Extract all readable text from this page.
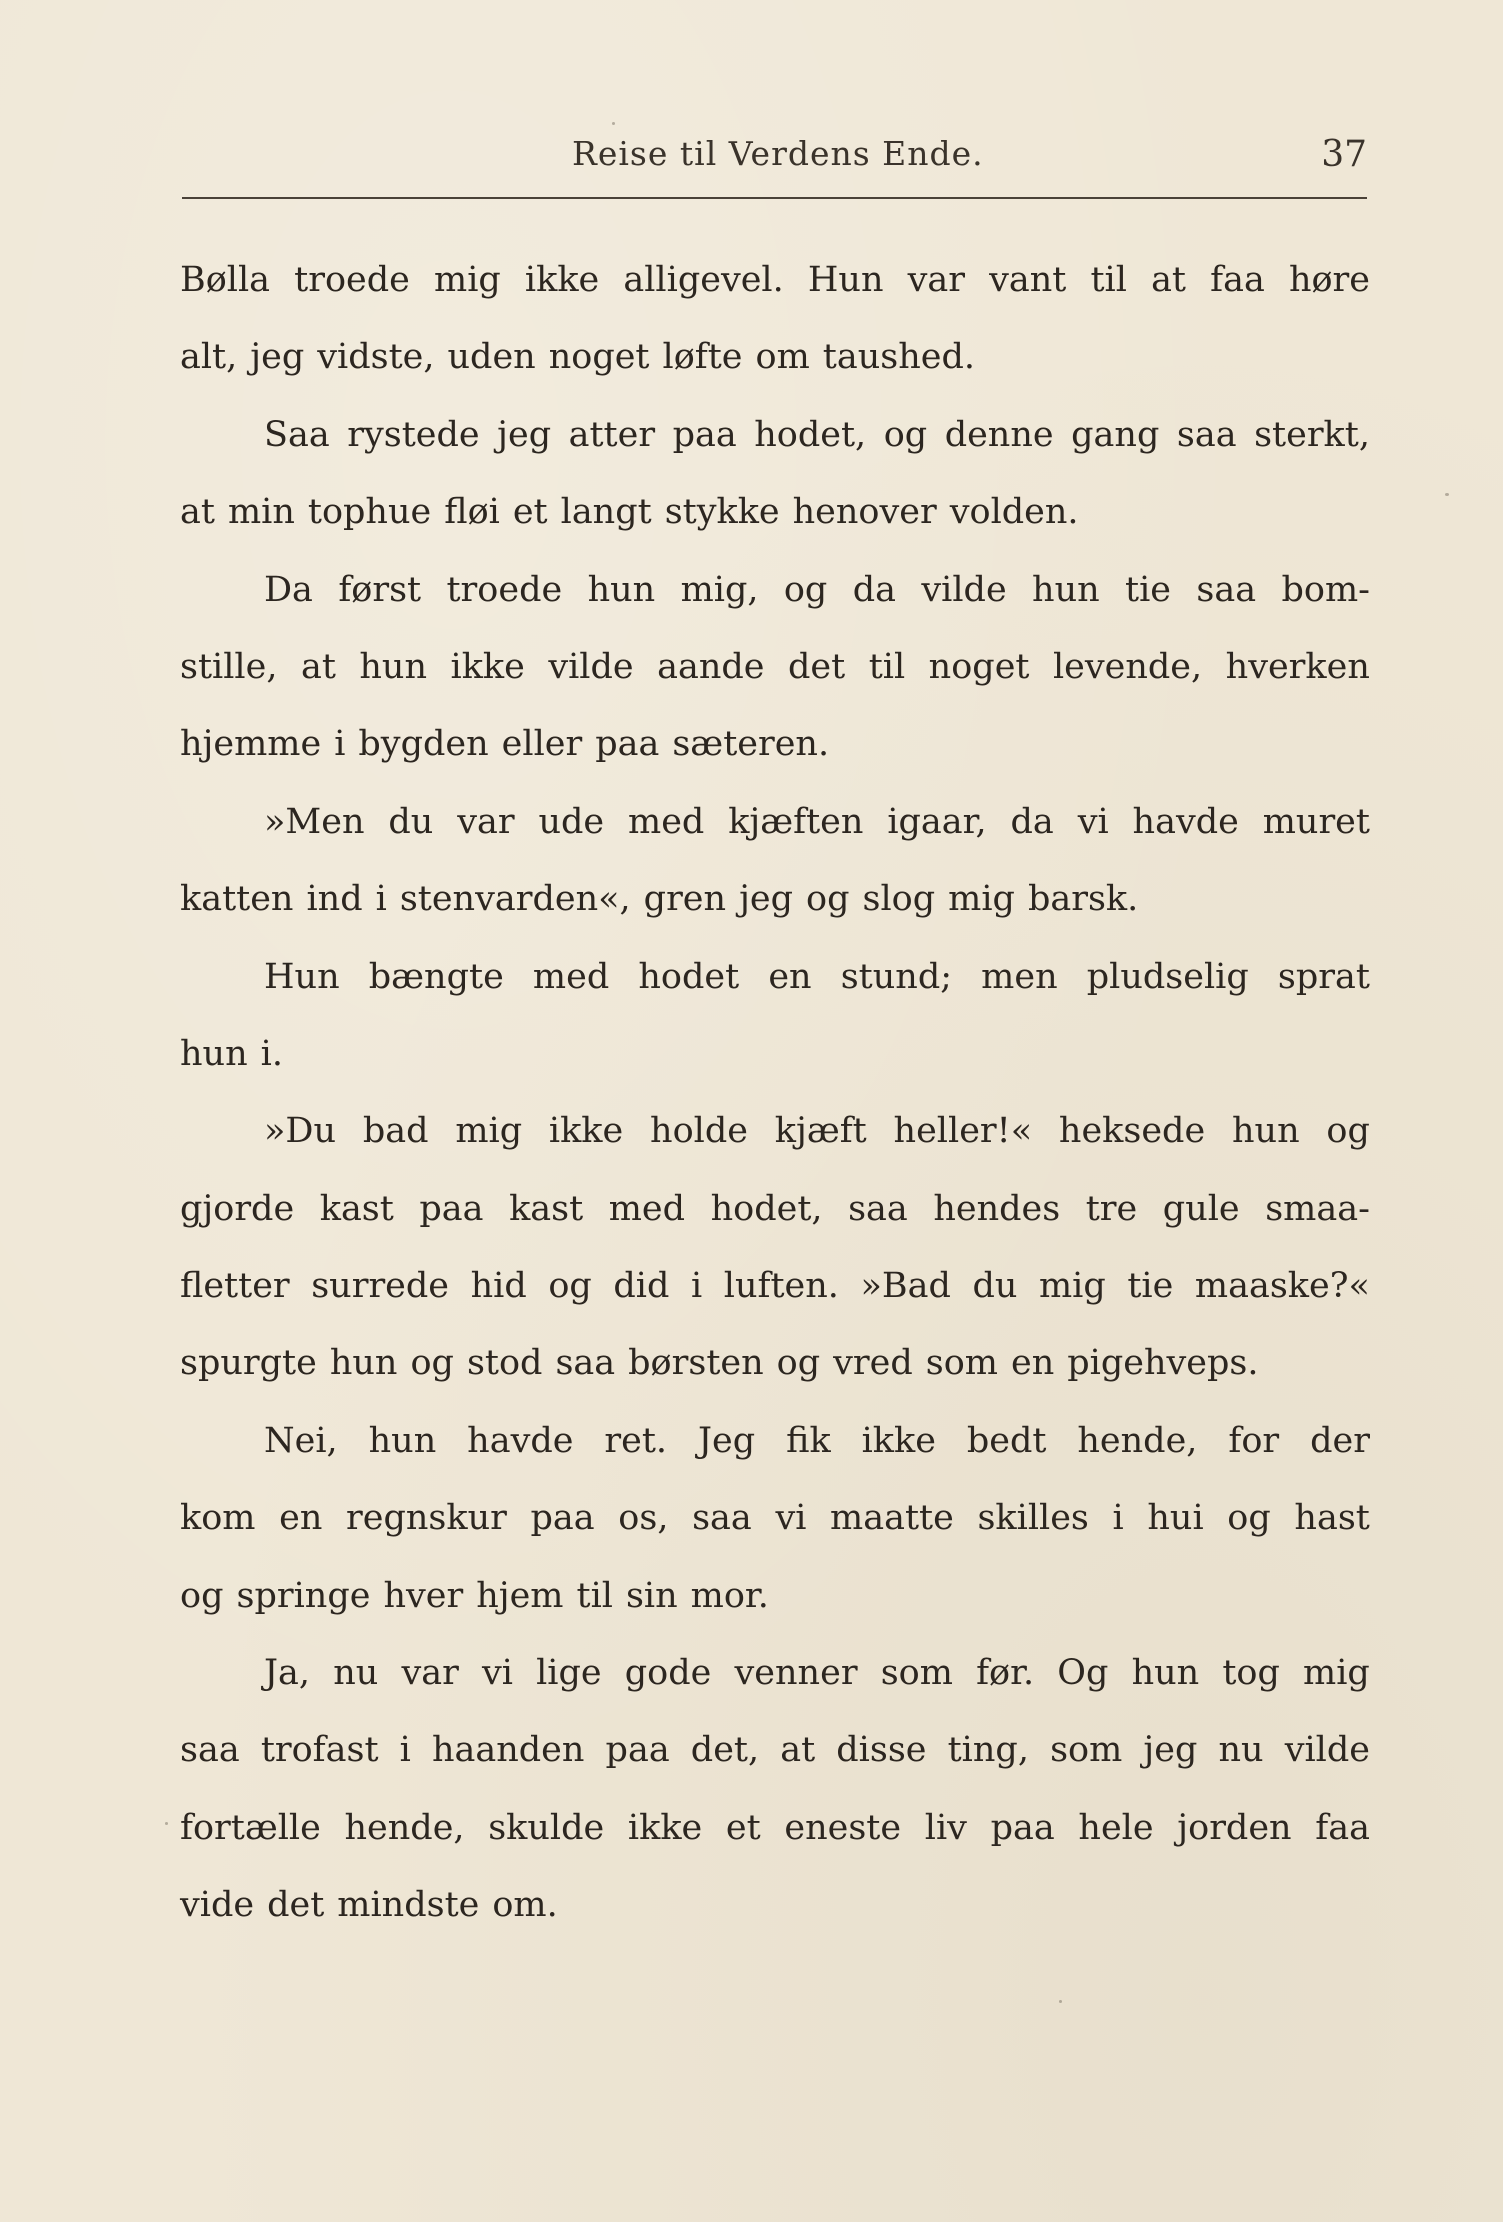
Reise til Verdens Ende.	37
Bølla troede mig ikke alligevel. Hun var vant til at faa høre
alt, jeg vidste, uden noget løfte om taushed.
Saa rystede jeg atter paa hodet, og denne gang saa sterkt,
at min tophue fløi et langt stykke henover volden.
Da først troede hun mig, og da vilde hun tie saa bom-
stille, at hun ikke vilde aande det til noget levende, hverken
hjemme i bygden eller paa sæteren.
»Men du var ude med kjæften igaar, da vi havde muret
katten ind i stenvarden«, gren jeg og slog mig barsk.
Hun bængte med hodet en stund; men pludselig sprat
hun i.
»Du bad mig ikke holde kjæft heller!« heksede hun og
gjorde kast paa kast med hodet, saa hendes tre gule smaa-
fletter surrede hid og did i luften. »Bad du mig tie maaske?«
spurgte hun og stod saa børsten og vred som en pigehveps.
Nei, hun havde ret. Jeg fik ikke bedt hende, for der
kom en regnskur paa os, saa vi maatte skilles i hui og hast
og springe hver hjem til sin mor.
Ja, nu var vi lige gode venner som før. Og hun tog mig
saa trofast i haanden paa det, at disse ting, som jeg nu vilde
fortælle hende, skulde ikke et eneste liv paa hele jorden faa
vide det mindste om.
